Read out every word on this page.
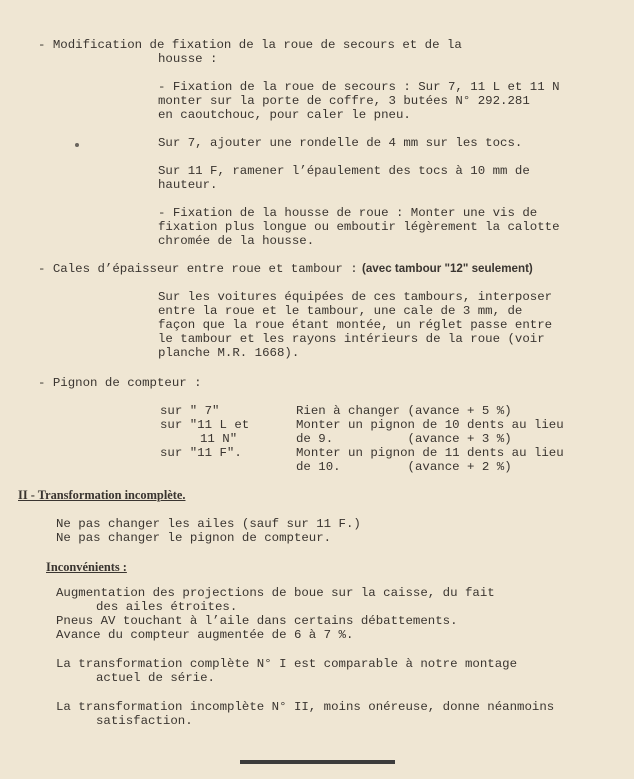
- Modification de fixation de la roue de secours et de la
housse :
- Fixation de la roue de secours : Sur 7, 11 L et 11 N
monter sur la porte de coffre, 3 butées N° 292.281
en caoutchouc, pour caler le pneu.
Sur 7, ajouter une rondelle de 4 mm sur les tocs.
Sur 11 F, ramener l’épaulement des tocs à 10 mm de
hauteur.
- Fixation de la housse de roue : Monter une vis de
fixation plus longue ou emboutir légèrement la calotte
chromée de la housse.
- Cales d’épaisseur entre roue et tambour : (avec tambour "12" seulement)
Sur les voitures équipées de ces tambours, interposer
entre la roue et le tambour, une cale de 3 mm, de
façon que la roue étant montée, un réglet passe entre
le tambour et les rayons intérieurs de la roue (voir
planche M.R. 1668).
- Pignon de compteur :
sur " 7"	Rien à changer (avance + 5 %)
sur "11 L et	Monter un pignon de 10 dents au lieu
11 N"	de 9.          (avance + 3 %)
sur "11 F".	Monter un pignon de 11 dents au lieu
de 10.         (avance + 2 %)
II - Transformation incomplète.
Ne pas changer les ailes (sauf sur 11 F.)
Ne pas changer le pignon de compteur.
Inconvénients :
Augmentation des projections de boue sur la caisse, du fait
des ailes étroites.
Pneus AV touchant à l’aile dans certains débattements.
Avance du compteur augmentée de 6 à 7 %.
La transformation complète N° I est comparable à notre montage
actuel de série.
La transformation incomplète N° II, moins onéreuse, donne néanmoins
satisfaction.
